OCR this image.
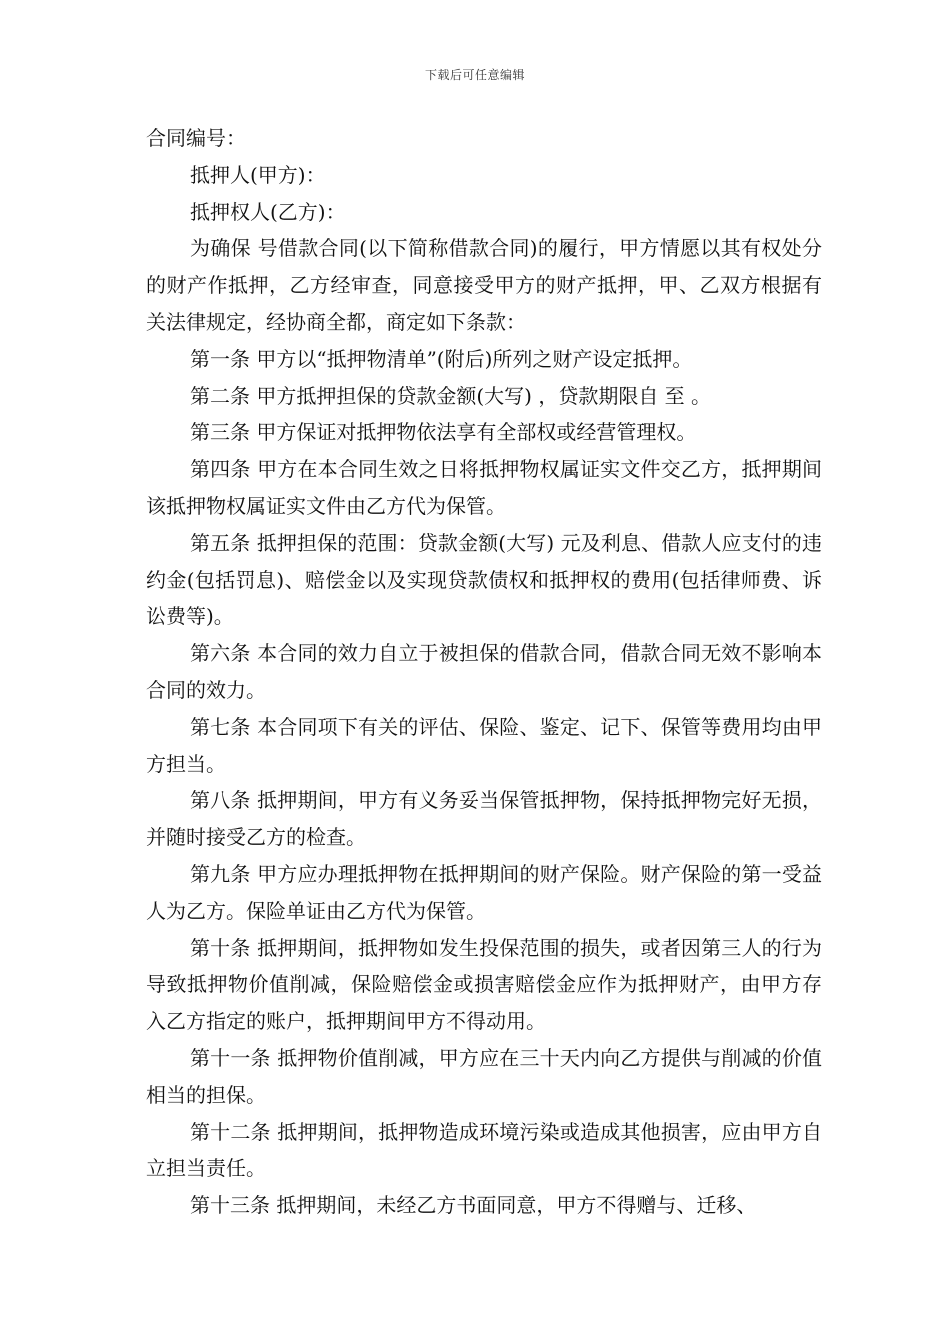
下载后可任意编辑

合同编号：

抵押人(甲方)：

抵押权人(乙方)：

为确保 号借款合同(以下简称借款合同)的履行，甲方情愿以其有权处分的财产作抵押，乙方经审查，同意接受甲方的财产抵押，甲、乙双方根据有关法律规定，经协商全都，商定如下条款：

第一条 甲方以“抵押物清单”(附后)所列之财产设定抵押。

第二条 甲方抵押担保的贷款金额(大写) ，贷款期限自 至 。

第三条 甲方保证对抵押物依法享有全部权或经营管理权。

第四条 甲方在本合同生效之日将抵押物权属证实文件交乙方，抵押期间该抵押物权属证实文件由乙方代为保管。

第五条 抵押担保的范围：贷款金额(大写) 元及利息、借款人应支付的违约金(包括罚息)、赔偿金以及实现贷款债权和抵押权的费用(包括律师费、诉讼费等)。

第六条 本合同的效力自立于被担保的借款合同，借款合同无效不影响本合同的效力。

第七条 本合同项下有关的评估、保险、鉴定、记下、保管等费用均由甲方担当。

第八条 抵押期间，甲方有义务妥当保管抵押物，保持抵押物完好无损，并随时接受乙方的检查。

第九条 甲方应办理抵押物在抵押期间的财产保险。财产保险的第一受益人为乙方。保险单证由乙方代为保管。

第十条 抵押期间，抵押物如发生投保范围的损失，或者因第三人的行为导致抵押物价值削减，保险赔偿金或损害赔偿金应作为抵押财产，由甲方存入乙方指定的账户，抵押期间甲方不得动用。

第十一条 抵押物价值削减，甲方应在三十天内向乙方提供与削减的价值相当的担保。

第十二条 抵押期间，抵押物造成环境污染或造成其他损害，应由甲方自立担当责任。

第十三条 抵押期间，未经乙方书面同意，甲方不得赠与、迁移、
